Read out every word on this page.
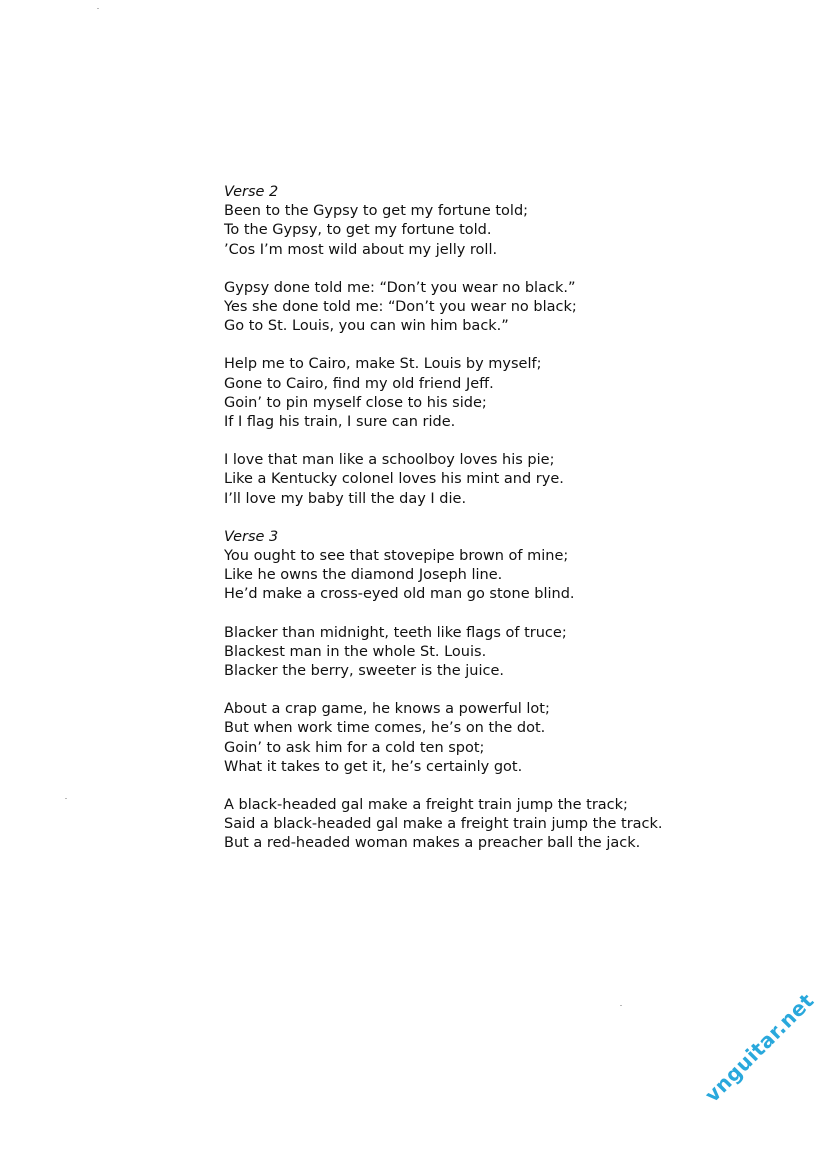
Verse 2
Been to the Gypsy to get my fortune told;
To the Gypsy, to get my fortune told.
’Cos I’m most wild about my jelly roll.
Gypsy done told me: “Don’t you wear no black.”
Yes she done told me: “Don’t you wear no black;
Go to St. Louis, you can win him back.”
Help me to Cairo, make St. Louis by myself;
Gone to Cairo, find my old friend Jeff.
Goin’ to pin myself close to his side;
If I flag his train, I sure can ride.
I love that man like a schoolboy loves his pie;
Like a Kentucky colonel loves his mint and rye.
I’ll love my baby till the day I die.
Verse 3
You ought to see that stovepipe brown of mine;
Like he owns the diamond Joseph line.
He’d make a cross-eyed old man go stone blind.
Blacker than midnight, teeth like flags of truce;
Blackest man in the whole St. Louis.
Blacker the berry, sweeter is the juice.
About a crap game, he knows a powerful lot;
But when work time comes, he’s on the dot.
Goin’ to ask him for a cold ten spot;
What it takes to get it, he’s certainly got.
A black-headed gal make a freight train jump the track;
Said a black-headed gal make a freight train jump the track.
But a red-headed woman makes a preacher ball the jack.
vnguitar.net
